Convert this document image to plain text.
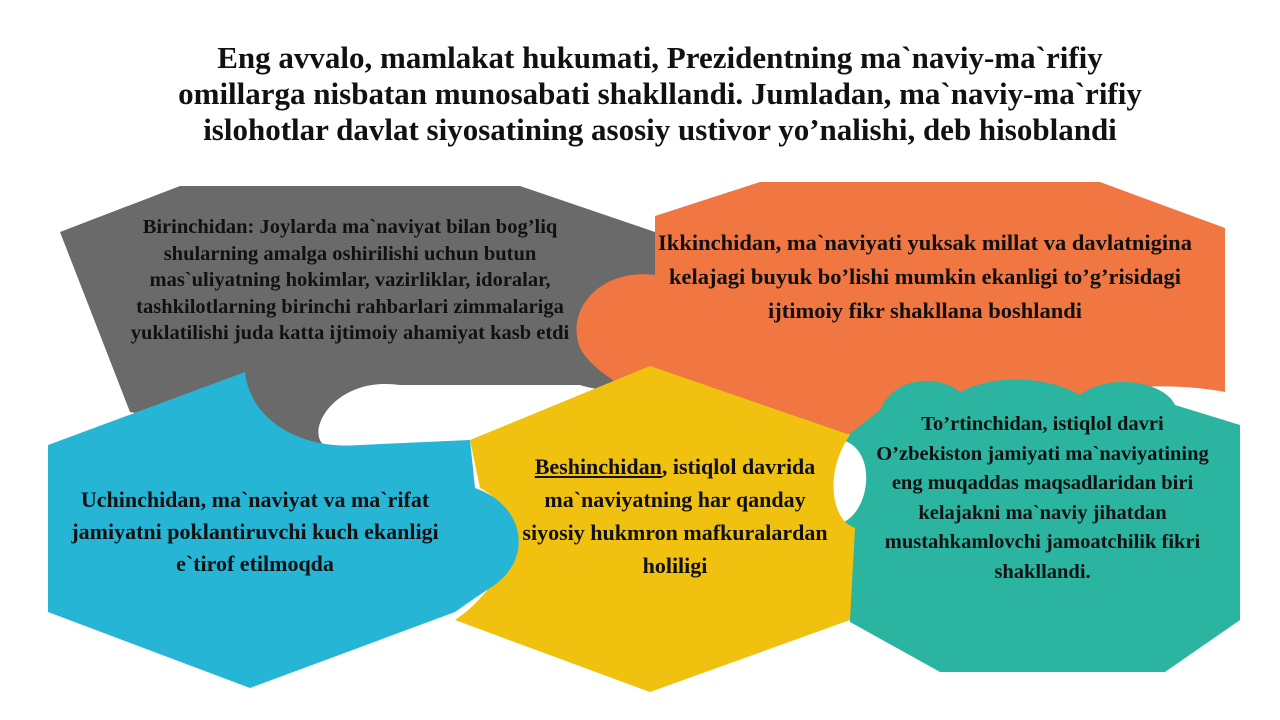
Eng avvalo, mamlakat hukumati, Prezidentning ma`naviy-ma`rifiy omillarga nisbatan munosabati shakllandi. Jumladan, ma`naviy-ma`rifiy islohotlar davlat siyosatining asosiy ustivor yo’nalishi, deb hisoblandi

Birinchidan: Joylarda ma`naviyat bilan bog’liq shularning amalga oshirilishi uchun butun mas`uliyatning hokimlar, vazirliklar, idoralar, tashkilotlarning birinchi rahbarlari zimmalariga yuklatilishi juda katta ijtimoiy ahamiyat kasb etdi

Ikkinchidan, ma`naviyati yuksak millat va davlatnigina kelajagi buyuk bo’lishi mumkin ekanligi to’g’risidagi ijtimoiy fikr shakllana boshlandi

Uchinchidan, ma`naviyat va ma`rifat jamiyatni poklantiruvchi kuch ekanligi e`tirof etilmoqda

Beshinchidan, istiqlol davrida ma`naviyatning har qanday siyosiy hukmron mafkuralardan holiligi

To’rtinchidan, istiqlol davri O’zbekiston jamiyati ma`naviyatining eng muqaddas maqsadlaridan biri kelajakni ma`naviy jihatdan mustahkamlovchi jamoatchilik fikri shakllandi.
